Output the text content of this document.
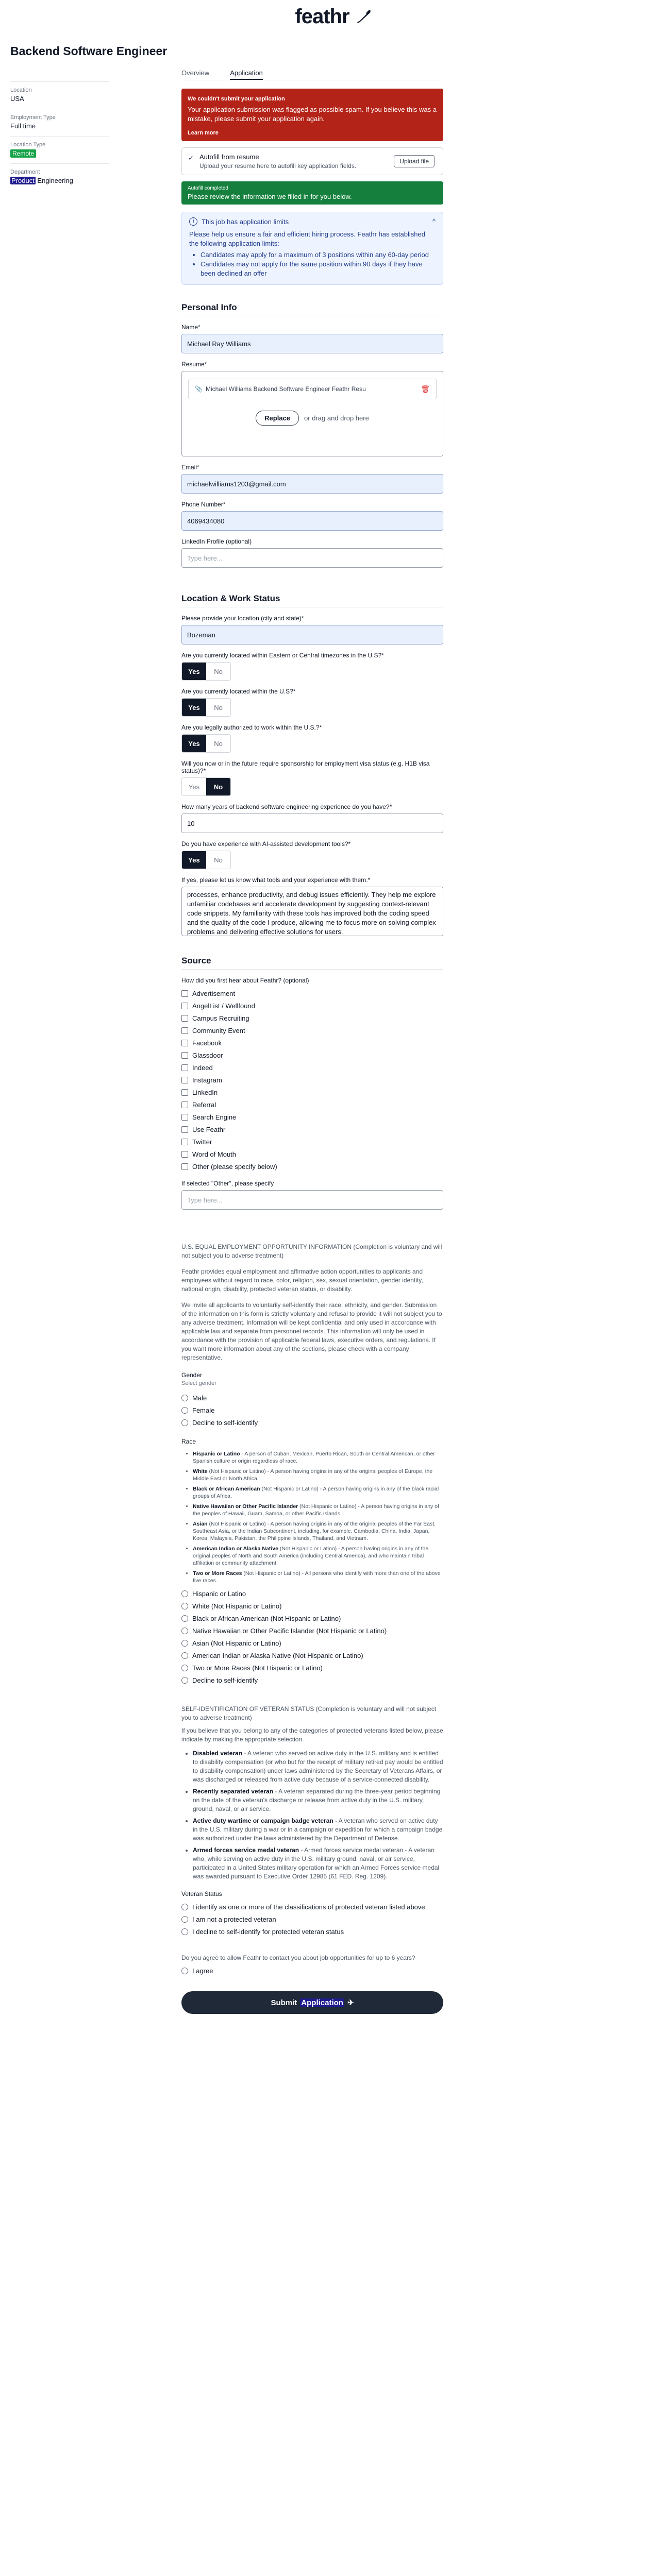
feathr
Backend Software Engineer
Location
USA
Employment Type
Full time
Location Type
Remote
Department
Product Engineering
Overview	Application
We couldn't submit your application
Your application submission was flagged as possible spam. If you believe this was a mistake, please submit your application again.
Learn more
✓ Autofill from resume
Upload your resume here to autofill key application fields.
Upload file
Autofill completed
Please review the information we filled in for you below.
i	This job has application limits	^
Please help us ensure a fair and efficient hiring process. Feathr has established the following application limits:
• Candidates may apply for a maximum of 3 positions within any 60-day period
• Candidates may not apply for the same position within 90 days if they have been declined an offer
Personal Info
Name*
Michael Ray Williams
Resume*
📎 Michael Williams Backend Software Engineer Feathr Resu	🗑
Replace	or drag and drop here
Email*
michaelwilliams1203@gmail.com
Phone Number*
4069434080
LinkedIn Profile (optional)
Type here...
Location & Work Status
Please provide your location (city and state)*
Bozeman
Are you currently located within Eastern or Central timezones in the U.S?*
Yes	No
Are you currently located within the U.S?*
Yes	No
Are you legally authorized to work within the U.S.?*
Yes	No
Will you now or in the future require sponsorship for employment visa status (e.g. H1B visa status)?*
Yes	No
How many years of backend software engineering experience do you have?*
10
Do you have experience with AI-assisted development tools?*
Yes	No
If yes, please let us know what tools and your experience with them.*
processes, enhance productivity, and debug issues efficiently. They help me explore unfamiliar codebases and accelerate development by suggesting context-relevant code snippets. My familiarity with these tools has improved both the coding speed and the quality of the code I produce, allowing me to focus more on solving complex problems and delivering effective solutions for users.
Source
How did you first hear about Feathr? (optional)
Advertisement
AngelList / Wellfound
Campus Recruiting
Community Event
Facebook
Glassdoor
Indeed
Instagram
LinkedIn
Referral
Search Engine
Use Feathr
Twitter
Word of Mouth
Other (please specify below)
If selected "Other", please specify
Type here...
U.S. EQUAL EMPLOYMENT OPPORTUNITY INFORMATION (Completion is voluntary and will not subject you to adverse treatment)
Feathr provides equal employment and affirmative action opportunities to applicants and employees without regard to race, color, religion, sex, sexual orientation, gender identity, national origin, disability, protected veteran status, or disability.
We invite all applicants to voluntarily self-identify their race, ethnicity, and gender. Submission of the information on this form is strictly voluntary and refusal to provide it will not subject you to any adverse treatment. Information will be kept confidential and only used in accordance with applicable law and separate from personnel records. This information will only be used in accordance with the provision of applicable federal laws, executive orders, and regulations. If you want more information about any of the sections, please check with a company representative.
Gender
Select gender
Male
Female
Decline to self-identify
Race
• Hispanic or Latino - A person of Cuban, Mexican, Puerto Rican, South or Central American, or other Spanish culture or origin regardless of race.
• White (Not Hispanic or Latino) - A person having origins in any of the original peoples of Europe, the Middle East or North Africa.
• Black or African American (Not Hispanic or Latino) - A person having origins in any of the black racial groups of Africa.
• Native Hawaiian or Other Pacific Islander (Not Hispanic or Latino) - A person having origins in any of the peoples of Hawaii, Guam, Samoa, or other Pacific Islands.
• Asian (Not Hispanic or Latino) - A person having origins in any of the original peoples of the Far East, Southeast Asia, or the Indian Subcontinent, including, for example, Cambodia, China, India, Japan, Korea, Malaysia, Pakistan, the Philippine Islands, Thailand, and Vietnam.
• American Indian or Alaska Native (Not Hispanic or Latino) - A person having origins in any of the original peoples of North and South America (including Central America), and who maintain tribal affiliation or community attachment.
• Two or More Races (Not Hispanic or Latino) - All persons who identify with more than one of the above five races.
Hispanic or Latino
White (Not Hispanic or Latino)
Black or African American (Not Hispanic or Latino)
Native Hawaiian or Other Pacific Islander (Not Hispanic or Latino)
Asian (Not Hispanic or Latino)
American Indian or Alaska Native (Not Hispanic or Latino)
Two or More Races (Not Hispanic or Latino)
Decline to self-identify
SELF-IDENTIFICATION OF VETERAN STATUS (Completion is voluntary and will not subject you to adverse treatment)
If you believe that you belong to any of the categories of protected veterans listed below, please indicate by making the appropriate selection.
• Disabled veteran - A veteran who served on active duty in the U.S. military and is entitled to disability compensation (or who but for the receipt of military retired pay would be entitled to disability compensation) under laws administered by the Secretary of Veterans Affairs, or was discharged or released from active duty because of a service-connected disability.
• Recently separated veteran - A veteran separated during the three-year period beginning on the date of the veteran's discharge or release from active duty in the U.S. military, ground, naval, or air service.
• Active duty wartime or campaign badge veteran - A veteran who served on active duty in the U.S. military during a war or in a campaign or expedition for which a campaign badge was authorized under the laws administered by the Department of Defense.
• Armed forces service medal veteran - Armed forces service medal veteran - A veteran who, while serving on active duty in the U.S. military ground, naval, or air service, participated in a United States military operation for which an Armed Forces service medal was awarded pursuant to Executive Order 12985 (61 FED. Reg. 1209).
Veteran Status
I identify as one or more of the classifications of protected veteran listed above
I am not a protected veteran
I decline to self-identify for protected veteran status
Do you agree to allow Feathr to contact you about job opportunities for up to 6 years?
I agree
Submit Application ✈
